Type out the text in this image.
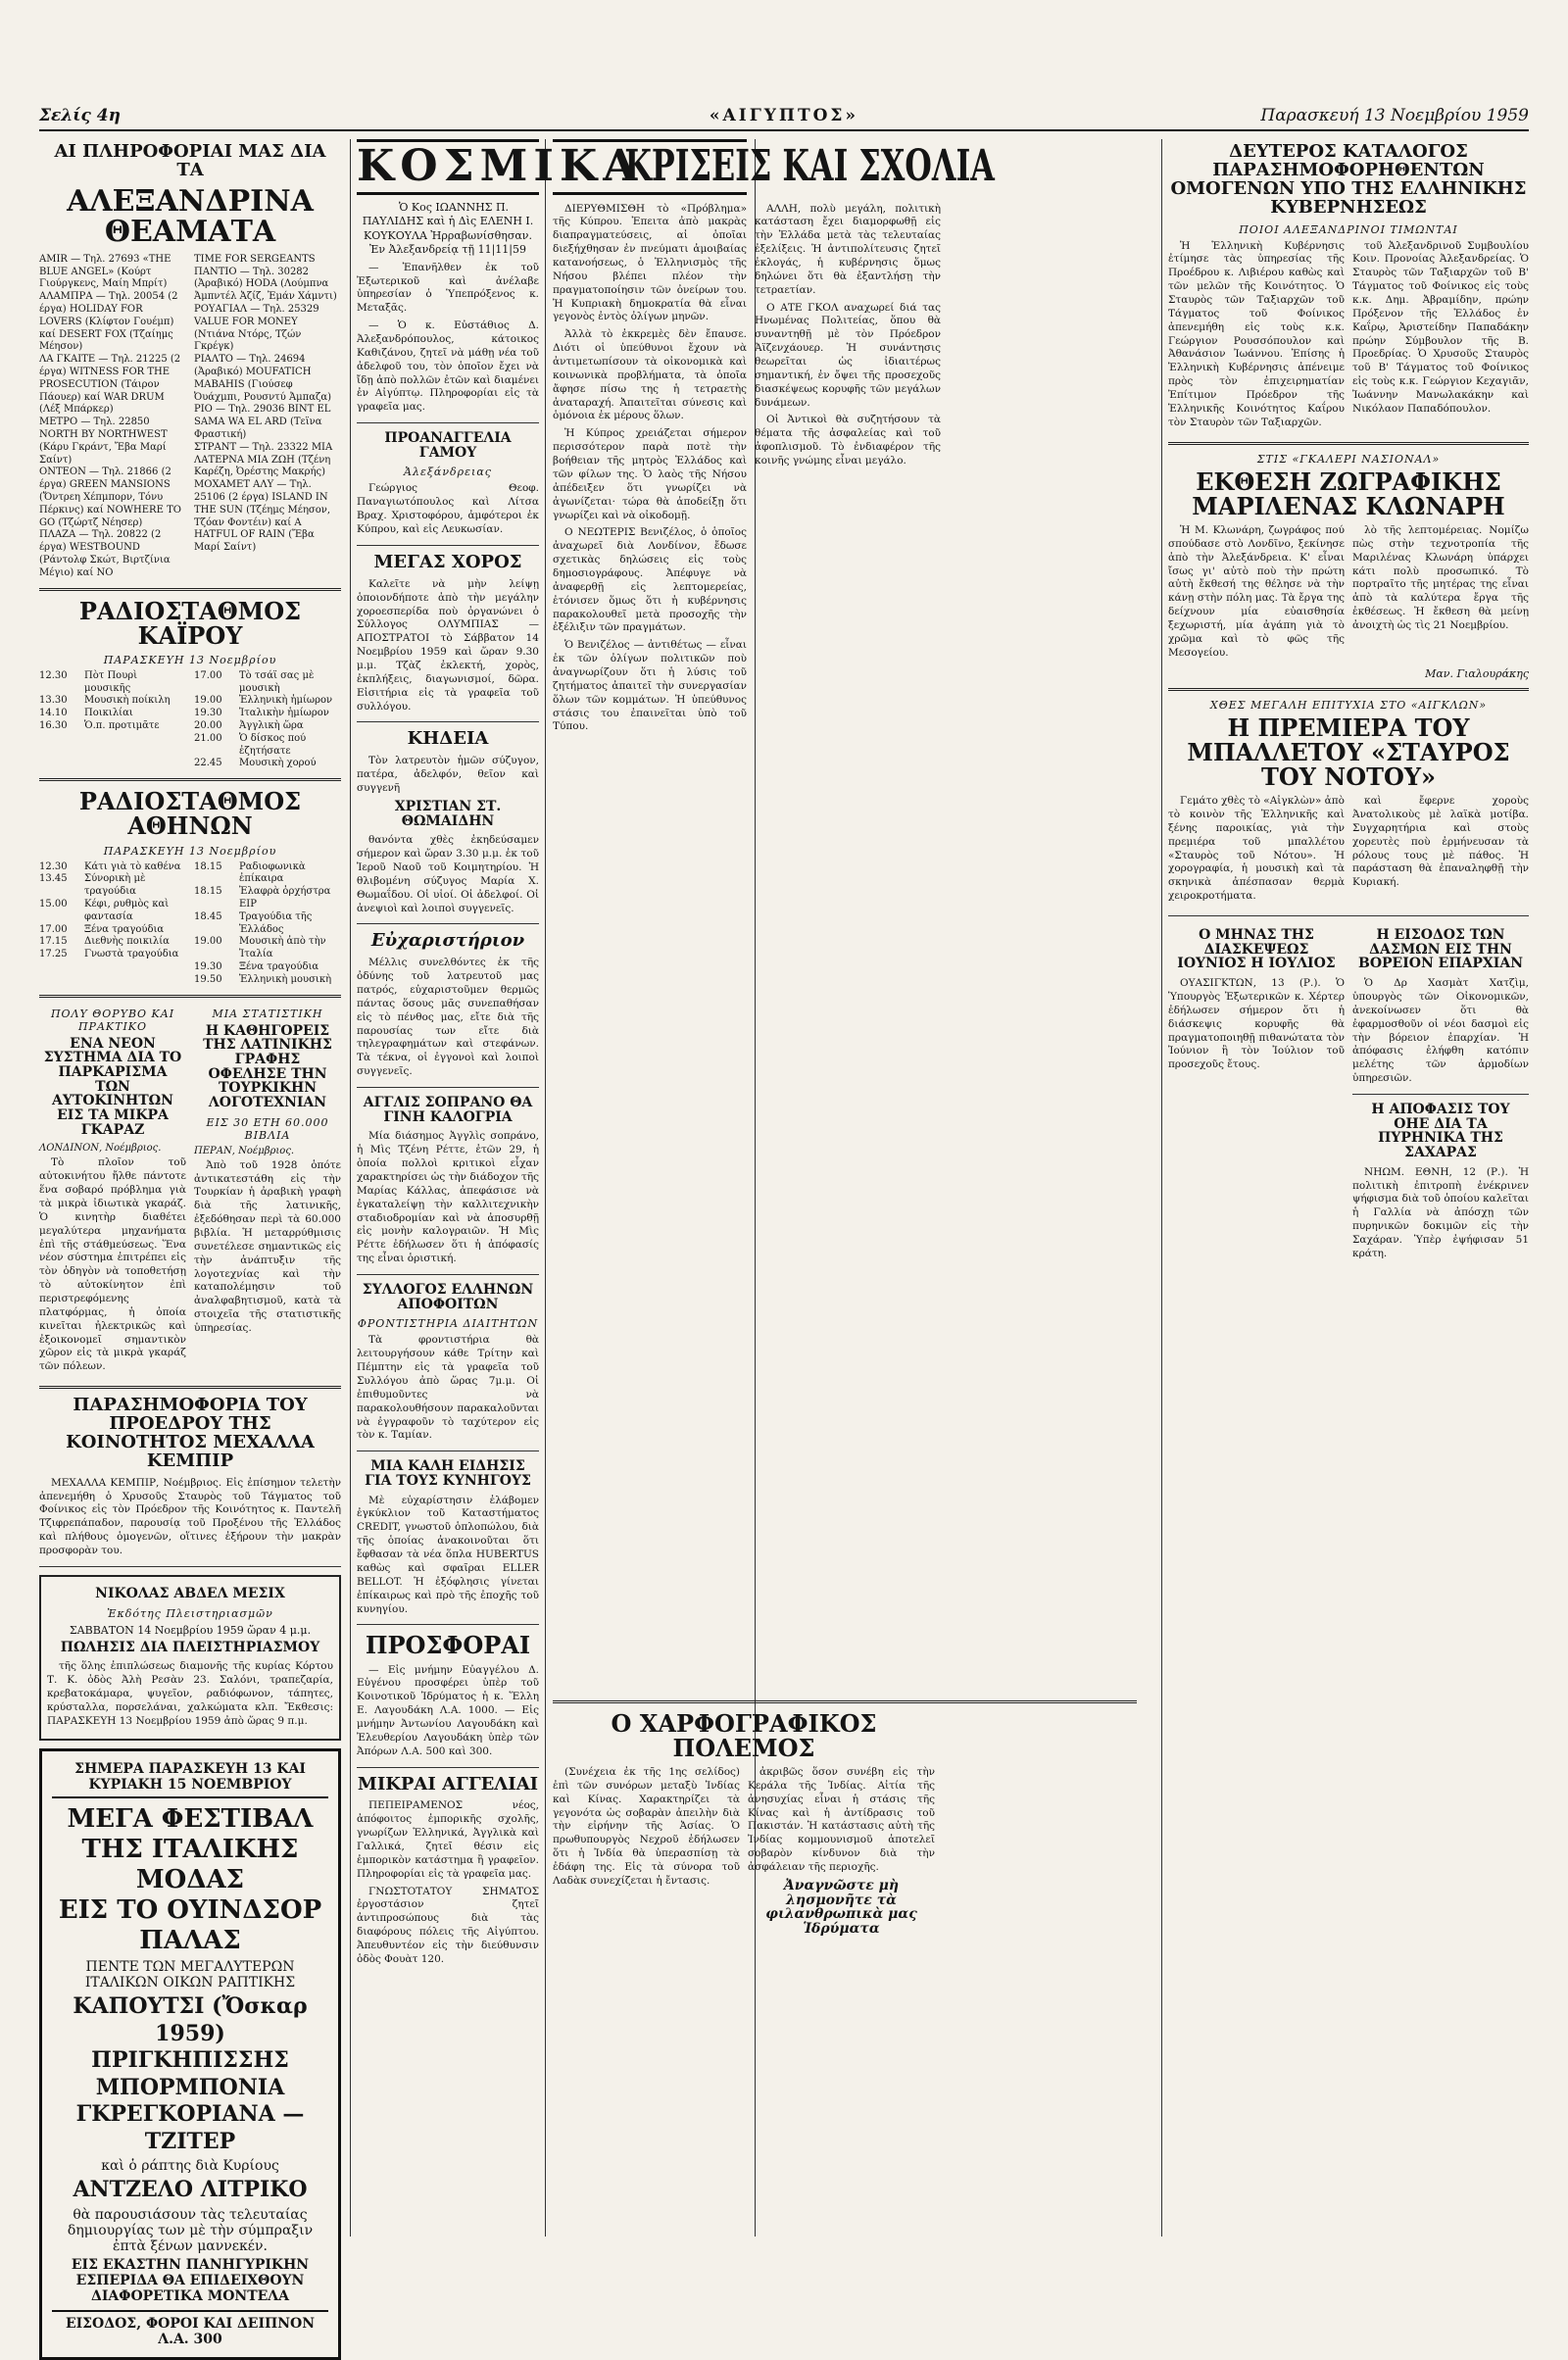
Σελίς 4η	«ΑΙΓΥΠΤΟΣ»	Παρασκευή 13 Νοεμβρίου 1959
ΑΙ ΠΛΗΡΟΦΟΡΙΑΙ ΜΑΣ ΔΙΑ ΤΑ
ΑΛΕΞΑΝΔΡΙΝΑ ΘΕΑΜΑΤΑ
AMIR — Τηλ. 27693 «THE BLUE ANGEL» (Κούρτ Γιούργκενς, Μαίη Μπρίτ)
ΑΛΑΜΠΡΑ — Τηλ. 20054 (2 έργα) HOLIDAY FOR LOVERS (Κλίφτον Γουέμπ) καί DESERT FOX (Τζαίημς Μέησον)
ΛΑ ΓΚΑΙΤΕ — Τηλ. 21225 (2 έργα) WITNESS FOR THE PROSECUTION (Τάιρον Πάουερ) καί WAR DRUM (Λέξ Μπάρκερ)
ΜΕΤΡΟ — Τηλ. 22850 NORTH BY NORTHWEST (Κάρυ Γκράντ, Ἔβα Μαρί Σαίντ)
ΟΝΤΕΟΝ — Τηλ. 21866 (2 έργα) GREEN MANSIONS (Ὄντρεη Χέπμπορν, Τόνυ Πέρκινς) καί NOWHERE TO GO (Τζώρτζ Νέησερ)
ΠΛΑΖΑ — Τηλ. 20822 (2 έργα) WESTBOUND (Ράντολφ Σκώτ, Βιρτζίνια Μέγιο) καί NO
TIME FOR SERGEANTS
ΠΑΝΤΙΟ — Τηλ. 30282 (Ἀραβικό) HODA (Λούμπνα Ἀμπντέλ Ἀζίζ, Ἐμάν Χάμντι)
ΡΟΥΑΓΙΑΛ — Τηλ. 25329 VALUE FOR MONEY (Ντιάνα Ντόρς, Τζών Γκρέγκ)
ΡΙΑΛΤΟ — Τηλ. 24694 (Ἀραβικό) MOUFATICH MABAHIS (Γιούσεφ Ὀυάχμπι, Ρουσντύ Ἀμπαζα)
ΡΙΟ — Τηλ. 29036 BINT EL SAMA WA EL ARD (Τεϊνα Φραστική)
ΣΤΡΑΝΤ — Τηλ. 23322 ΜΙΑ ΛΑΤΕΡΝΑ ΜΙΑ ΖΩΗ (Τζένη Καρέζη, Ὀρέστης Μακρής)
ΜΟΧΑΜΕΤ ΑΛΥ — Τηλ. 25106 (2 έργα) ISLAND IN THE SUN (Τζέημς Μέησον, Τζόαν Φοντέιν) καί A HATFUL OF RAIN (Ἔβα Μαρί Σαίντ)
ΡΑΔΙΟΣΤΑΘΜΟΣ ΚΑΪΡΟΥ
ΠΑΡΑΣΚΕΥΗ 13 Νοεμβρίου
12.30	Πὸτ Πουρὶ μουσικῆς
13.30	Μουσικὴ ποίκιλη
14.10	Ποικιλίαι
16.30	Ὁ.π. προτιμᾶτε
17.00	Τὸ τσάϊ σας μὲ μουσικὴ
19.00	Ἑλληνικὴ ἡμίωρον
19.30	Ἰταλικὴν ἡμίωρον
20.00	Ἀγγλικὴ ὥρα
21.00	Ὁ δίσκος πού ἐζητήσατε
22.45	Μουσικὴ χορού
ΡΑΔΙΟΣΤΑΘΜΟΣ ΑΘΗΝΩΝ
ΠΑΡΑΣΚΕΥΗ 13 Νοεμβρίου
12.30	Κάτι γιὰ τὸ καθένα
13.45	Σύνορικὴ μὲ τραγούδια
15.00	Κέφι, ρυθμὸς καὶ φαντασία
17.00	Ξένα τραγούδια
17.15	Διεθνὴς ποικιλία
17.25	Γνωστὰ τραγούδια
18.15	Ραδιοφωνικὰ ἐπίκαιρα
18.15	Ἐλαφρὰ ὀρχήστρα EIP
18.45	Τραγούδια τῆς Ἑλλάδος
19.00	Μουσικὴ ἀπὸ τὴν Ἰταλία
19.30	Ξένα τραγούδια
19.50	Ἑλληνικὴ μουσικὴ
ΠΟΛΥ ΘΟΡΥΒΟ ΚΑΙ ΠΡΑΚΤΙΚΟ
ΕΝΑ ΝΕΟΝ ΣΥΣΤΗΜΑ ΔΙΑ ΤΟ ΠΑΡΚΑΡΙΣΜΑ ΤΩΝ ΑΥΤΟΚΙΝΗΤΩΝ ΕΙΣ ΤΑ ΜΙΚΡΑ ΓΚΑΡΑΖ
ΛΟΝΔΙΝΟΝ, Νοέμβριος.

Τὸ πλοῖον τοῦ αὐτοκινήτου ἤλθε πάντοτε ἕνα σοβαρό πρόβλημα γιὰ τὰ μικρὰ ἰδιωτικὰ γκαράζ. Ὁ κινητὴρ διαθέτει μεγαλύτερα μηχανήματα ἐπὶ τῆς στάθμεύσεως. Ἕνα νέον σύστημα ἐπιτρέπει εἰς τὸν ὁδηγὸν νὰ τοποθετήσῃ τὸ αὐτοκίνητον ἐπὶ περιστρεφόμενης πλατφόρμας, ἡ ὁποία κινεῖται ἠλεκτρικῶς καὶ ἐξοικονομεῖ σημαντικὸν χῶρον εἰς τὰ μικρὰ γκαράζ τῶν πόλεων.

ΜΙΑ ΣΤΑΤΙΣΤΙΚΗ
Η ΚΑΘΗΓΟΡΕΙΣ ΤΗΣ ΛΑΤΙΝΙΚΗΣ ΓΡΑΦΗΣ ΟΦΕΛΗΣΕ ΤΗΝ ΤΟΥΡΚΙΚΗΝ ΛΟΓΟΤΕΧΝΙΑΝ
ΕΙΣ 30 ΕΤΗ 60.000 ΒΙΒΛΙΑ
ΠΕΡΑΝ, Νοέμβριος.

Ἀπὸ τοῦ 1928 ὁπότε ἀντικατεστάθη εἰς τὴν Τουρκίαν ἡ ἀραβικὴ γραφὴ διὰ τῆς λατινικῆς, ἐξεδόθησαν περὶ τὰ 60.000 βιβλία. Ἡ μεταρρύθμισις συνετέλεσε σημαντικῶς εἰς τὴν ἀνάπτυξιν τῆς λογοτεχνίας καὶ τὴν καταπολέμησιν τοῦ ἀναλφαβητισμοῦ, κατὰ τὰ στοιχεῖα τῆς στατιστικῆς ὑπηρεσίας.

ΠΑΡΑΣΗΜΟΦΟΡΙΑ ΤΟΥ ΠΡΟΕΔΡΟΥ ΤΗΣ ΚΟΙΝΟΤΗΤΟΣ ΜΕΧΑΛΛΑ ΚΕΜΠΙΡ

ΜΕΧΑΛΛΑ ΚΕΜΠΙΡ, Νοέμβριος. Εἰς ἐπίσημον τελετὴν ἀπενεμήθη ὁ Χρυσοῦς Σταυρὸς τοῦ Τάγματος τοῦ Φοίνικος εἰς τὸν Πρόεδρον τῆς Κοινότητος κ. Παντελῆ Τζιφρεπάπαδον, παρουσίᾳ τοῦ Προξένου τῆς Ἑλλάδος καὶ πλήθους ὁμογενῶν, οἵτινες ἐξήρουν τὴν μακρὰν προσφορὰν του.

ΝΙΚΟΛΑΣ ΑΒΔΕΛ ΜΕΣΙΧ
Ἐκδότης Πλειστηριασμῶν
ΣΑΒΒΑΤΟΝ 14 Νοεμβρίου 1959 ὥραν 4 μ.μ.
ΠΩΛΗΣΙΣ ΔΙΑ ΠΛΕΙΣΤΗΡΙΑΣΜΟΥ

τῆς ὅλης ἐπιπλώσεως διαμονῆς τῆς κυρίας Κόρτου Τ. Κ. ὁδὸς Ἀλὴ Ρεσὰν 23. Σαλόνι, τραπεζαρία, κρεβατοκάμαρα, ψυγεῖον, ραδιόφωνον, τάπητες, κρύσταλλα, πορσελάναι, χαλκώματα κλπ. Ἔκθεσις: ΠΑΡΑΣΚΕΥΗ 13 Νοεμβρίου 1959 ἀπὸ ὥρας 9 π.μ.

ΣΗΜΕΡΑ ΠΑΡΑΣΚΕΥΗ 13 ΚΑΙ ΚΥΡΙΑΚΗ 15 ΝΟΕΜΒΡΙΟΥ
ΜΕΓΑ ΦΕΣΤΙΒΑΛ
ΤΗΣ ΙΤΑΛΙΚΗΣ ΜΟΔΑΣ
ΕΙΣ ΤΟ ΟΥΙΝΔΣΟΡ ΠΑΛΑΣ
ΠΕΝΤΕ ΤΩΝ ΜΕΓΑΛΥΤΕΡΩΝ ΙΤΑΛΙΚΩΝ ΟΙΚΩΝ ΡΑΠΤΙΚΗΣ
ΚΑΠΟΥΤΣΙ (Ὄσκαρ 1959)
ΠΡΙΓΚΗΠΙΣΣΗΣ ΜΠΟΡΜΠΟΝΙΑ
ΓΚΡΕΓΚΟΡΙΑΝΑ — ΤΖΙΤΕΡ
καὶ ὁ ράπτης διὰ Κυρίους
ΑΝΤΖΕΛΟ ΛΙΤΡΙΚΟ
θὰ παρουσιάσουν τὰς τελευταίας δημιουργίας των μὲ τὴν σύμπραξιν ἐπτὰ ξένων μαννεκέν.
ΕΙΣ ΕΚΑΣΤΗΝ ΠΑΝΗΓΥΡΙΚΗΝ ΕΣΠΕΡΙΔΑ ΘΑ ΕΠΙΔΕΙΧΘΟΥΝ ΔΙΑΦΟΡΕΤΙΚΑ ΜΟΝΤΕΛΑ
ΕΙΣΟΔΟΣ, ΦΟΡΟΙ ΚΑΙ ΔΕΙΠΝΟΝ Λ.Α. 300
ΚΟΣΜΙΚΑ

Ὁ Κος ΙΩΑΝΝΗΣ Π. ΠΑΥΛΙΔΗΣ καὶ ἡ Δὶς ΕΛΕΝΗ Ι. ΚΟΥΚΟΥΛΑ Ἠρραβωνίσθησαν. Ἐν Ἀλεξανδρείᾳ τῇ 11|11|59

— Ἐπανῆλθεν ἐκ τοῦ Ἐξωτερικοῦ καὶ ἀνέλαβε ὑπηρεσίαν ὁ Ὑπεπρόξενος κ. Μεταξᾶς.

— Ὁ κ. Εὐστάθιος Δ. Ἀλεξανδρόπουλος, κάτοικος Καθιζάνου, ζητεῖ νὰ μάθῃ νέα τοῦ ἀδελφοῦ του, τὸν ὁποῖον ἔχει νὰ ἴδῃ ἀπὸ πολλῶν ἐτῶν καὶ διαμένει ἐν Αἰγύπτῳ. Πληροφορίαι εἰς τὰ γραφεῖα μας.

ΠΡΟΑΝΑΓΓΕΛΙΑ ΓΑΜΟΥ
Ἀλεξάνδρειας

Γεώργιος Θεοφ. Παναγιωτόπουλος καὶ Λίτσα Βραχ. Χριστοφόρου, ἀμφότεροι ἐκ Κύπρου, καὶ εἰς Λευκωσίαν.

ΜΕΓΑΣ ΧΟΡΟΣ

Καλεῖτε νὰ μὴν λείψῃ ὁποιονδήποτε ἀπὸ τὴν μεγάλην χοροεσπερίδα ποὺ ὀργανώνει ὁ Σύλλογος ΟΛΥΜΠΙΑΣ — ΑΠΟΣΤΡΑΤΟΙ τὸ Σάββατον 14 Νοεμβρίου 1959 καὶ ὥραν 9.30 μ.μ. Τζὰζ ἐκλεκτή, χορὸς, ἐκπλήξεις, διαγωνισμοί, δῶρα. Εἰσιτήρια εἰς τὰ γραφεῖα τοῦ συλλόγου.

ΚΗΔΕΙΑ

Τὸν λατρευτὸν ἡμῶν σύζυγον, πατέρα, ἀδελφόν, θεῖον καὶ συγγενῆ

ΧΡΙΣΤΙΑΝ ΣΤ. ΘΩΜΑΙΔΗΝ

θανόντα χθὲς ἐκηδεύσαμεν σήμερον καὶ ὥραν 3.30 μ.μ. ἐκ τοῦ Ἱεροῦ Ναοῦ τοῦ Κοιμητηρίου. Ἡ θλιβομένη σύζυγος Μαρία Χ. Θωμαΐδου. Οἱ υἱοί. Οἱ ἀδελφοί. Οἱ ἀνεψιοὶ καὶ λοιποὶ συγγενεῖς.

Εὐχαριστήριον

Μέλλις συνελθόντες ἐκ τῆς ὀδύνης τοῦ λατρευτοῦ μας πατρός, εὐχαριστοῦμεν θερμῶς πάντας ὅσους μᾶς συνεπαθήσαν εἰς τὸ πένθος μας, εἴτε διὰ τῆς παρουσίας των εἴτε διὰ τηλεγραφημάτων καὶ στεφάνων. Τὰ τέκνα, οἱ ἐγγονοὶ καὶ λοιποὶ συγγενεῖς.

ΑΓΓΛΙΣ ΣΟΠΡΑΝΟ ΘΑ ΓΙΝΗ ΚΑΛΟΓΡΙΑ

Μία διάσημος Ἀγγλὶς σοπράνο, ἡ Μὶς Τζένη Ρέττε, ἐτῶν 29, ἡ ὁποία πολλοὶ κριτικοὶ εἶχαν χαρακτηρίσει ὡς τὴν διάδοχον τῆς Μαρίας Κάλλας, ἀπεφάσισε νὰ ἐγκαταλείψῃ τὴν καλλιτεχνικὴν σταδιοδρομίαν καὶ νὰ ἀποσυρθῇ εἰς μονὴν καλογραιῶν. Ἡ Μὶς Ρέττε ἐδήλωσεν ὅτι ἡ ἀπόφασίς της εἶναι ὁριστική.

ΣΥΛΛΟΓΟΣ ΕΛΛΗΝΩΝ ΑΠΟΦΟΙΤΩΝ
ΦΡΟΝΤΙΣΤΗΡΙΑ ΔΙΑΙΤΗΤΩΝ

Τὰ φροντιστήρια θὰ λειτουργήσουν κάθε Τρίτην καὶ Πέμπτην εἰς τὰ γραφεῖα τοῦ Συλλόγου ἀπὸ ὥρας 7μ.μ. Οἱ ἐπιθυμοῦντες νὰ παρακολουθήσουν παρακαλοῦνται νὰ ἐγγραφοῦν τὸ ταχύτερον εἰς τὸν κ. Ταμίαν.

ΜΙΑ ΚΑΛΗ ΕΙΔΗΣΙΣ ΓΙΑ ΤΟΥΣ ΚΥΝΗΓΟΥΣ

Μὲ εὐχαρίστησιν ἐλάβομεν ἐγκύκλιον τοῦ Καταστήματος CREDIT, γνωστοῦ ὁπλοπώλου, διὰ τῆς ὁποίας ἀνακοινοῦται ὅτι ἔφθασαν τὰ νέα ὅπλα HUBERTUS καθὼς καὶ σφαῖραι ELLER BELLOT. Ἡ ἐξόφλησις γίνεται ἐπίκαιρως καὶ πρὸ τῆς ἐποχῆς τοῦ κυνηγίου.

ΠΡΟΣΦΟΡΑΙ

— Εἰς μνήμην Εὐαγγέλου Δ. Εὐγένου προσφέρει ὑπὲρ τοῦ Κοινοτικοῦ Ἰδρύματος ἡ κ. Ἕλλη Ε. Λαγουδάκη Λ.Α. 1000. — Εἰς μνήμην Ἀντωνίου Λαγουδάκη καὶ Ἐλευθερίου Λαγουδάκη ὑπὲρ τῶν Ἀπόρων Λ.Α. 500 καὶ 300.

ΜΙΚΡΑΙ ΑΓΓΕΛΙΑΙ

ΠΕΠΕΙΡΑΜΕΝΟΣ νέος, ἀπόφοιτος ἐμπορικῆς σχολῆς, γνωρίζων Ἑλληνικά, Ἀγγλικὰ καὶ Γαλλικά, ζητεῖ θέσιν εἰς ἐμπορικὸν κατάστημα ἢ γραφεῖον. Πληροφορίαι εἰς τὰ γραφεῖα μας.

ΓΝΩΣΤΟΤΑΤΟΥ ΣΗΜΑΤΟΣ ἐργοστάσιον ζητεῖ ἀντιπροσώπους διὰ τὰς διαφόρους πόλεις τῆς Αἰγύπτου. Ἀπευθυντέον εἰς τὴν διεύθυνσιν ὁδὸς Φουὰτ 120.

ΚΡΙΣΕΙΣ ΚΑΙ ΣΧΟΛΙΑ

ΔΙΕΡΥΘΜΙΣΘΗ τὸ «Πρόβλημα» τῆς Κύπρου. Ἐπειτα ἀπὸ μακρὰς διαπραγματεύσεις, αἱ ὁποῖαι διεξήχθησαν ἐν πνεύματι ἀμοιβαίας κατανοήσεως, ὁ Ἑλληνισμὸς τῆς Νήσου βλέπει πλέον τὴν πραγματοποίησιν τῶν ὀνείρων του. Ἡ Κυπριακὴ δημοκρατία θὰ εἶναι γεγονὸς ἐντὸς ὀλίγων μηνῶν.

Ἀλλὰ τὸ ἐκκρεμὲς δὲν ἔπαυσε. Διότι οἱ ὑπεύθυνοι ἔχουν νὰ ἀντιμετωπίσουν τὰ οἰκονομικὰ καὶ κοινωνικὰ προβλήματα, τὰ ὁποῖα ἄφησε πίσω της ἡ τετραετὴς ἀναταραχή. Ἀπαιτεῖται σύνεσις καὶ ὁμόνοια ἐκ μέρους ὅλων.

Ἡ Κύπρος χρειάζεται σήμερον περισσότερον παρὰ ποτὲ τὴν βοήθειαν τῆς μητρὸς Ἑλλάδος καὶ τῶν φίλων της. Ὁ λαὸς τῆς Νήσου ἀπέδειξεν ὅτι γνωρίζει νὰ ἀγωνίζεται· τώρα θὰ ἀποδείξῃ ὅτι γνωρίζει καὶ νὰ οἰκοδομῇ.

Ο ΝΕΩΤΕΡΙΣ Βενιζέλος, ὁ ὁποῖος ἀναχωρεῖ διὰ Λονδίνον, ἔδωσε σχετικὰς δηλώσεις εἰς τοὺς δημοσιογράφους. Ἀπέφυγε νὰ ἀναφερθῇ εἰς λεπτομερείας, ἐτόνισεν ὅμως ὅτι ἡ κυβέρνησις παρακολουθεῖ μετὰ προσοχῆς τὴν ἐξέλιξιν τῶν πραγμάτων.

Ὁ Βενιζέλος — ἀντιθέτως — εἶναι ἐκ τῶν ὀλίγων πολιτικῶν ποὺ ἀναγνωρίζουν ὅτι ἡ λύσις τοῦ ζητήματος ἀπαιτεῖ τὴν συνεργασίαν ὅλων τῶν κομμάτων. Ἡ ὑπεύθυνος στάσις του ἐπαινεῖται ὑπὸ τοῦ Τύπου.

ΑΛΛΗ, πολὺ μεγάλη, πολιτικὴ κατάσταση ἔχει διαμορφωθῇ εἰς τὴν Ἑλλάδα μετὰ τὰς τελευταίας ἐξελίξεις. Ἡ ἀντιπολίτευσις ζητεῖ ἐκλογάς, ἡ κυβέρνησις ὅμως δηλώνει ὅτι θὰ ἐξαντλήσῃ τὴν τετραετίαν.

Ο ΑΤΕ ΓΚΟΛ αναχωρεί διά τας Ηνωμένας Πολιτείας, ὅπου θὰ συναντηθῇ μὲ τὸν Πρόεδρον Ἀϊζενχάουερ. Ἡ συνάντησις θεωρεῖται ὡς ἰδιαιτέρως σημαντική, ἐν ὄψει τῆς προσεχοῦς διασκέψεως κορυφῆς τῶν μεγάλων δυνάμεων.

Οἱ Ἀντικοὶ θὰ συζητήσουν τὰ θέματα τῆς ἀσφαλείας καὶ τοῦ ἀφοπλισμοῦ. Τὸ ἐνδιαφέρον τῆς κοινῆς γνώμης εἶναι μεγάλο.

Ο ΧΑΡΦΟΓΡΑΦΙΚΟΣ ΠΟΛΕΜΟΣ

(Συνέχεια ἐκ τῆς 1ης σελίδος) ἐπὶ τῶν συνόρων μεταξὺ Ἰνδίας καὶ Κίνας. Χαρακτηρίζει τὰ γεγονότα ὡς σοβαρὰν ἀπειλὴν διὰ τὴν εἰρήνην τῆς Ἀσίας. Ὁ πρωθυπουργὸς Νεχροῦ ἐδήλωσεν ὅτι ἡ Ἰνδία θὰ ὑπερασπίσῃ τὰ ἐδάφη της. Εἰς τὰ σύνορα τοῦ Λαδὰκ συνεχίζεται ἡ ἔντασις.

ἀκριβῶς ὅσον συνέβη εἰς τὴν Κεράλα τῆς Ἰνδίας. Αἰτία τῆς ἀνησυχίας εἶναι ἡ στάσις τῆς Κίνας καὶ ἡ ἀντίδρασις τοῦ Πακιστάν. Ἡ κατάστασις αὐτὴ τῆς Ἰνδίας κομμουνισμοῦ ἀποτελεῖ σοβαρὸν κίνδυνον διὰ τὴν ἀσφάλειαν τῆς περιοχῆς.

Ἀναγνῶστε μὴ λησμονῆτε τὰ φιλανθρωπικὰ μας Ἱδρύματα
ΔΕΥΤΕΡΟΣ ΚΑΤΑΛΟΓΟΣ ΠΑΡΑΣΗΜΟΦΟΡΗΘΕΝΤΩΝ ΟΜΟΓΕΝΩΝ ΥΠΟ ΤΗΣ ΕΛΛΗΝΙΚΗΣ ΚΥΒΕΡΝΗΣΕΩΣ
ΠΟΙΟΙ ΑΛΕΞΑΝΔΡΙΝΟΙ ΤΙΜΩΝΤΑΙ

Ἡ Ἑλληνικὴ Κυβέρνησις ἐτίμησε τὰς ὑπηρεσίας τῆς Προέδρου κ. Λιβιέρου καθὼς καὶ τῶν μελῶν τῆς Κοινότητος. Ὁ Σταυρὸς τῶν Ταξιαρχῶν τοῦ Τάγματος τοῦ Φοίνικος ἀπενεμήθη εἰς τοὺς κ.κ. Γεώργιον Ρουσσόπουλον καὶ Ἀθανάσιον Ἰωάννου. Ἐπίσης ἡ Ἑλληνικὴ Κυβέρνησις ἀπένειμε πρὸς τὸν ἐπιχειρηματίαν Ἐπίτιμον Πρόεδρον τῆς Ἑλληνικῆς Κοινότητος Καΐρου τὸν Σταυρὸν τῶν Ταξιαρχῶν.

τοῦ Ἀλεξανδρινοῦ Συμβουλίου Κοιν. Προνοίας Ἀλεξανδρείας. Ὁ Σταυρὸς τῶν Ταξιαρχῶν τοῦ Β' Τάγματος τοῦ Φοίνικος εἰς τοὺς κ.κ. Δημ. Ἀβραμίδην, πρώην Πρόξενον τῆς Ἑλλάδος ἐν Καΐρῳ, Ἀριστείδην Παπαδάκην πρώην Σύμβουλον τῆς Β. Προεδρίας. Ὁ Χρυσοῦς Σταυρὸς τοῦ Β' Τάγματος τοῦ Φοίνικος εἰς τοὺς κ.κ. Γεώργιον Κεχαγιᾶν, Ἰωάννην Μανωλακάκην καὶ Νικόλαον Παπαδόπουλον.

ΣΤΙΣ «ΓΚΑΛΕΡΙ ΝΑΣΙΟΝΑΛ»
ΕΚΘΕΣΗ ΖΩΓΡΑΦΙΚΗΣ ΜΑΡΙΛΕΝΑΣ ΚΛΩΝΑΡΗ

Ἡ Μ. Κλωνάρη, ζωγράφος πού σπούδασε στὸ Λονδῖνο, ξεκίνησε ἀπὸ τὴν Ἀλεξάνδρεια. Κ' εἶναι ἴσως γι' αὐτὸ ποὺ τὴν πρώτη αὐτὴ ἔκθεσή της θέλησε νὰ τὴν κάνῃ στὴν πόλη μας. Τὰ ἔργα της δείχνουν μία εὐαισθησία ξεχωριστή, μία ἀγάπη γιὰ τὸ χρῶμα καὶ τὸ φῶς τῆς Μεσογείου.

λὸ τῆς λεπτομέρειας. Νομίζω πὼς στὴν τεχνοτροπία τῆς Μαριλένας Κλωνάρη ὑπάρχει κάτι πολὺ προσωπικό. Τὸ πορτραῖτο τῆς μητέρας της εἶναι ἀπὸ τὰ καλύτερα ἔργα τῆς ἐκθέσεως. Ἡ ἔκθεση θὰ μείνῃ ἀνοιχτὴ ὡς τὶς 21 Νοεμβρίου.

Μαν. Γιαλουράκης
ΧΘΕΣ ΜΕΓΑΛΗ ΕΠΙΤΥΧΙΑ ΣΤΟ «ΑΙΓΚΛΩΝ»
Η ΠΡΕΜΙΕΡΑ ΤΟΥ ΜΠΑΛΛΕΤΟΥ «ΣΤΑΥΡΟΣ ΤΟΥ ΝΟΤΟΥ»

Γεμάτο χθὲς τὸ «Αἰγκλὼν» ἀπὸ τὸ κοινὸν τῆς Ἑλληνικῆς καὶ ξένης παροικίας, γιὰ τὴν πρεμιέρα τοῦ μπαλλέτου «Σταυρὸς τοῦ Νότου». Ἡ χορογραφία, ἡ μουσικὴ καὶ τὰ σκηνικὰ ἀπέσπασαν θερμὰ χειροκροτήματα.

καὶ ἔφερνε χοροὺς Ἀνατολικοὺς μὲ λαϊκὰ μοτίβα. Συγχαρητήρια καὶ στοὺς χορευτὲς ποὺ ἐρμήνευσαν τὰ ρόλους τους μὲ πάθος. Ἡ παράσταση θὰ ἐπαναληφθῇ τὴν Κυριακή.

Ο ΜΗΝΑΣ ΤΗΣ ΔΙΑΣΚΕΨΕΩΣ ΙΟΥΝΙΟΣ Η ΙΟΥΛΙΟΣ

ΟΥΑΣΙΓΚΤΩΝ, 13 (Ρ.). Ὁ Ὑπουργὸς Ἐξωτερικῶν κ. Χέρτερ ἐδήλωσεν σήμερον ὅτι ἡ διάσκεψις κορυφῆς θὰ πραγματοποιηθῇ πιθανώτατα τὸν Ἰούνιον ἢ τὸν Ἰούλιον τοῦ προσεχοῦς ἔτους.

Η ΕΙΣΟΔΟΣ ΤΩΝ ΔΑΣΜΩΝ ΕΙΣ ΤΗΝ ΒΟΡΕΙΟΝ ΕΠΑΡΧΙΑΝ

Ὁ Δρ Χασμὰτ Χατζὶμ, ὑπουργὸς τῶν Οἰκονομικῶν, ἀνεκοίνωσεν ὅτι θὰ ἐφαρμοσθοῦν οἱ νέοι δασμοὶ εἰς τὴν βόρειον ἐπαρχίαν. Ἡ ἀπόφασις ἐλήφθη κατόπιν μελέτης τῶν ἁρμοδίων ὑπηρεσιῶν.

Η ΑΠΟΦΑΣΙΣ ΤΟΥ ΟΗΕ ΔΙΑ ΤΑ ΠΥΡΗΝΙΚΑ ΤΗΣ ΣΑΧΑΡΑΣ

ΝΗΩΜ. ΕΘΝΗ, 12 (Ρ.). Ἡ πολιτικὴ ἐπιτροπὴ ἐνέκρινεν ψήφισμα διὰ τοῦ ὁποίου καλεῖται ἡ Γαλλία νὰ ἀπόσχῃ τῶν πυρηνικῶν δοκιμῶν εἰς τὴν Σαχάραν. Ὑπὲρ ἐψήφισαν 51 κράτη.
